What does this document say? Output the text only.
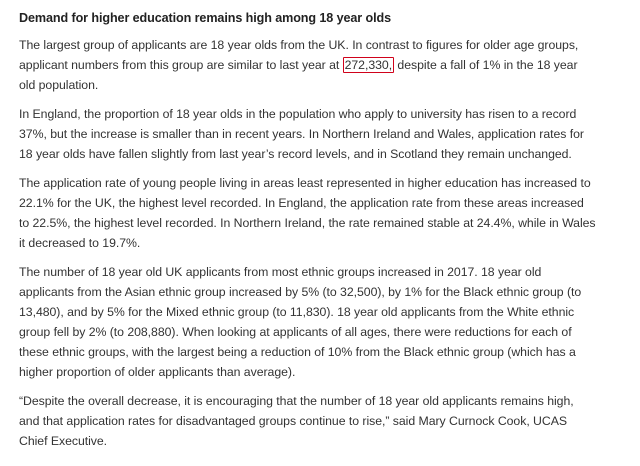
Demand for higher education remains high among 18 year olds

The largest group of applicants are 18 year olds from the UK. In contrast to figures for older age groups, applicant numbers from this group are similar to last year at 272,330, despite a fall of 1% in the 18 year old population.

In England, the proportion of 18 year olds in the population who apply to university has risen to a record 37%, but the increase is smaller than in recent years. In Northern Ireland and Wales, application rates for 18 year olds have fallen slightly from last year’s record levels, and in Scotland they remain unchanged.

The application rate of young people living in areas least represented in higher education has increased to 22.1% for the UK, the highest level recorded. In England, the application rate from these areas increased to 22.5%, the highest level recorded. In Northern Ireland, the rate remained stable at 24.4%, while in Wales it decreased to 19.7%.

The number of 18 year old UK applicants from most ethnic groups increased in 2017. 18 year old applicants from the Asian ethnic group increased by 5% (to 32,500), by 1% for the Black ethnic group (to 13,480), and by 5% for the Mixed ethnic group (to 11,830). 18 year old applicants from the White ethnic group fell by 2% (to 208,880). When looking at applicants of all ages, there were reductions for each of these ethnic groups, with the largest being a reduction of 10% from the Black ethnic group (which has a higher proportion of older applicants than average).

“Despite the overall decrease, it is encouraging that the number of 18 year old applicants remains high, and that application rates for disadvantaged groups continue to rise,” said Mary Curnock Cook, UCAS Chief Executive.
